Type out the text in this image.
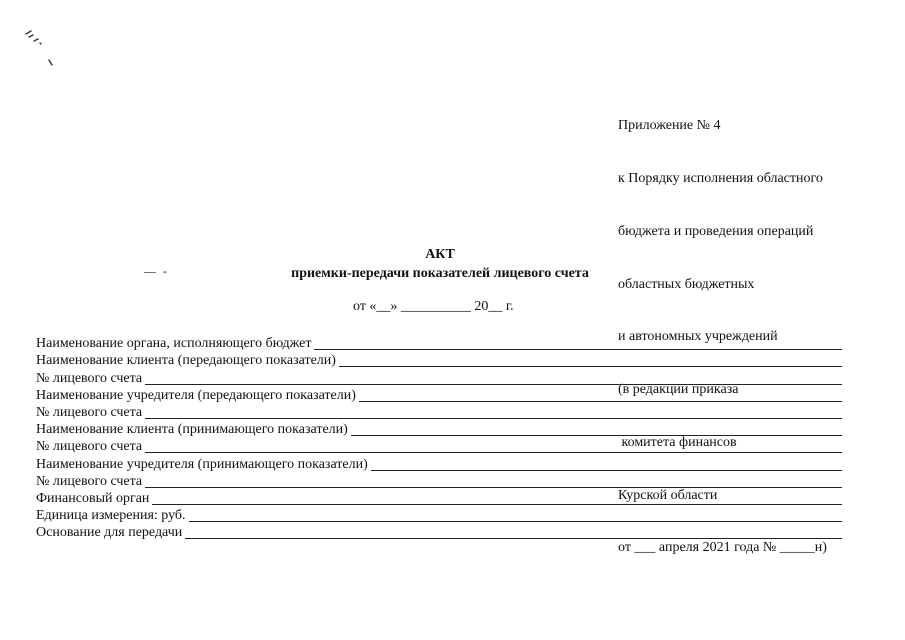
Приложение № 4

к Порядку исполнения областного

бюджета и проведения операций

областных бюджетных

и автономных учреждений

(в редакции приказа

комитета финансов

Курской области

от ___ апреля 2021 года № _____н)

— -
АКТ
приемки-передачи показателей лицевого счета
от «__» __________ 20__ г.
Наименование органа, исполняющего бюджет
Наименование клиента (передающего показатели)
№ лицевого счета
Наименование учредителя (передающего показатели)
№ лицевого счета
Наименование клиента (принимающего показатели)
№ лицевого счета
Наименование учредителя (принимающего показатели)
№ лицевого счета
Финансовый орган
Единица измерения: руб.
Основание для передачи
